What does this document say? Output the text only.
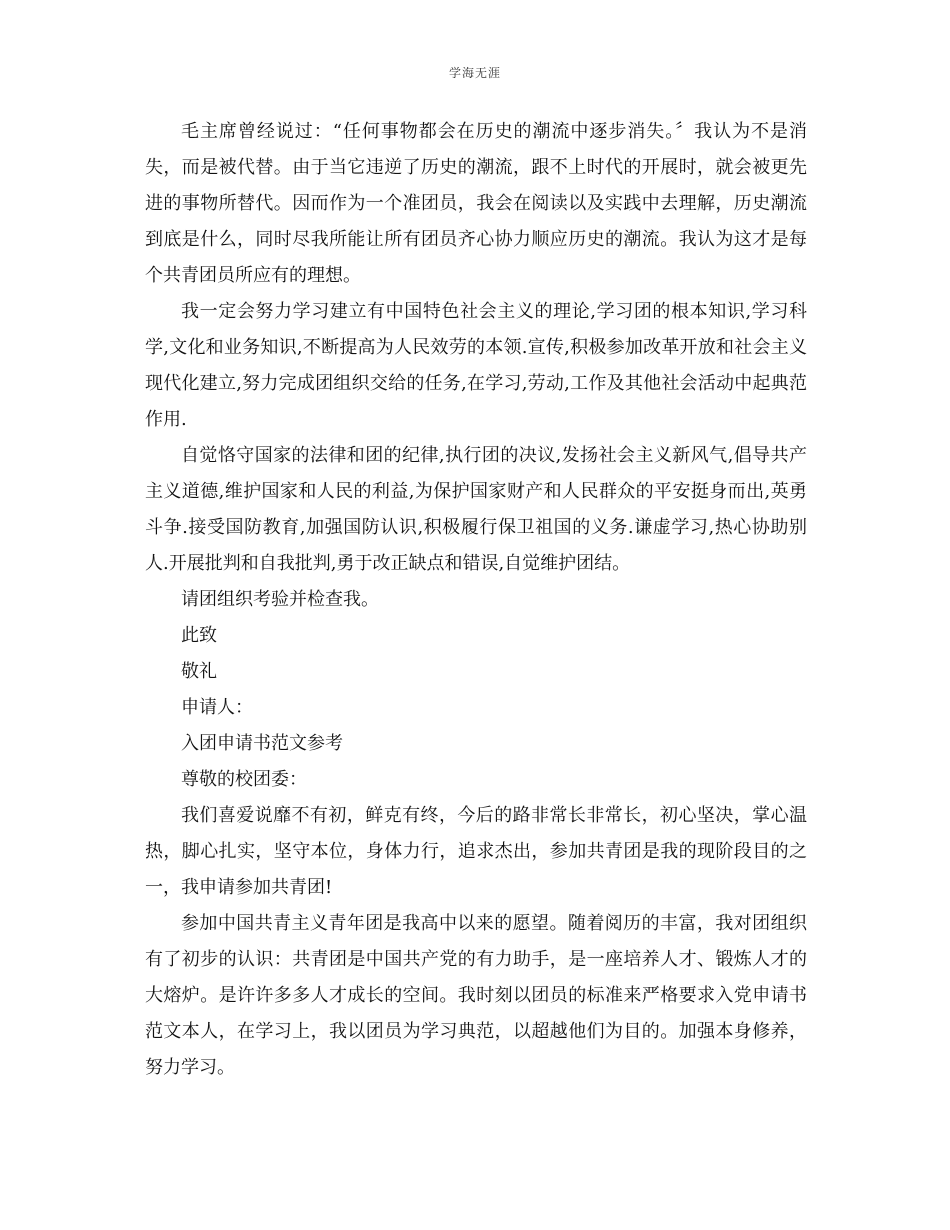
学海无涯

毛主席曾经说过：“任何事物都会在历史的潮流中逐步消失。〞我认为不是消失，而是被代替。由于当它违逆了历史的潮流，跟不上时代的开展时，就会被更先进的事物所替代。因而作为一个准团员，我会在阅读以及实践中去理解，历史潮流到底是什么，同时尽我所能让所有团员齐心协力顺应历史的潮流。我认为这才是每个共青团员所应有的理想。

我一定会努力学习建立有中国特色社会主义的理论,学习团的根本知识,学习科学,文化和业务知识,不断提高为人民效劳的本领.宣传,积极参加改革开放和社会主义现代化建立,努力完成团组织交给的任务,在学习,劳动,工作及其他社会活动中起典范作用.

自觉恪守国家的法律和团的纪律,执行团的决议,发扬社会主义新风气,倡导共产主义道德,维护国家和人民的利益,为保护国家财产和人民群众的平安挺身而出,英勇斗争.接受国防教育,加强国防认识,积极履行保卫祖国的义务.谦虚学习,热心协助别人.开展批判和自我批判,勇于改正缺点和错误,自觉维护团结。

请团组织考验并检查我。

此致

敬礼

申请人：

入团申请书范文参考

尊敬的校团委：

我们喜爱说靡不有初，鲜克有终，今后的路非常长非常长，初心坚决，掌心温热，脚心扎实，坚守本位，身体力行，追求杰出，参加共青团是我的现阶段目的之一，我申请参加共青团!

参加中国共青主义青年团是我高中以来的愿望。随着阅历的丰富，我对团组织有了初步的认识：共青团是中国共产党的有力助手，是一座培养人才、锻炼人才的大熔炉。是许许多多人才成长的空间。我时刻以团员的标准来严格要求入党申请书范文本人，在学习上，我以团员为学习典范，以超越他们为目的。加强本身修养，努力学习。
